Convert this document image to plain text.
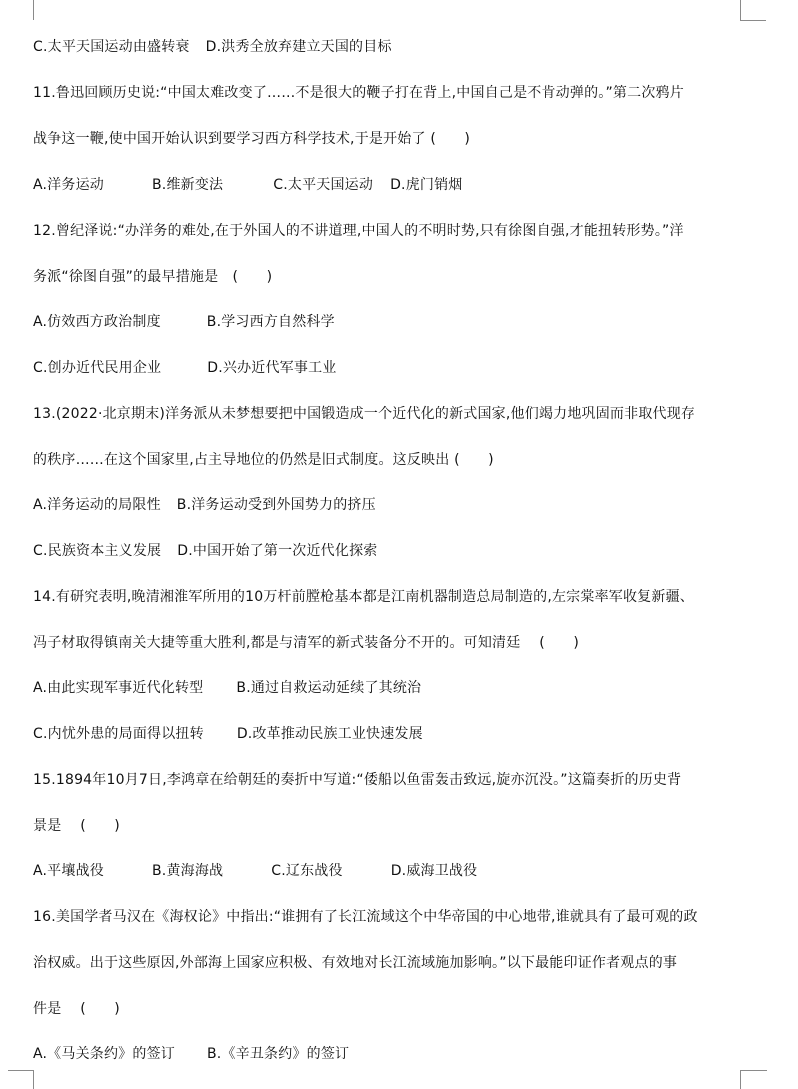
C.太平天国运动由盛转衰 D.洪秀全放弃建立天国的目标
11.鲁迅回顾历史说:“中国太难改变了……不是很大的鞭子打在背上,中国自己是不肯动弹的。”第二次鸦片
战争这一鞭,使中国开始认识到要学习西方科学技术,于是开始了 (　　)
A.洋务运动	B.维新变法	C.太平天国运动 D.虎门销烟
12.曾纪泽说:“办洋务的难处,在于外国人的不讲道理,中国人的不明时势,只有徐图自强,才能扭转形势。”洋
务派“徐图自强”的最早措施是　(　　)
A.仿效西方政治制度	B.学习西方自然科学
C.创办近代民用企业	D.兴办近代军事工业
13.(2022·北京期末)洋务派从未梦想要把中国锻造成一个近代化的新式国家,他们竭力地巩固而非取代现存
的秩序……在这个国家里,占主导地位的仍然是旧式制度。这反映出 (　　)
A.洋务运动的局限性 B.洋务运动受到外国势力的挤压
C.民族资本主义发展 D.中国开始了第一次近代化探索
14.有研究表明,晚清湘淮军所用的10万杆前膛枪基本都是江南机器制造总局制造的,左宗棠率军收复新疆、
冯子材取得镇南关大捷等重大胜利,都是与清军的新式装备分不开的。可知清廷　 (　　)
A.由此实现军事近代化转型 B.通过自救运动延续了其统治
C.内忧外患的局面得以扭转 D.改革推动民族工业快速发展
15.1894年10月7日,李鸿章在给朝廷的奏折中写道:“倭船以鱼雷轰击致远,旋亦沉没。”这篇奏折的历史背
景是　 (　　)
A.平壤战役	B.黄海海战	C.辽东战役	D.威海卫战役
16.美国学者马汉在《海权论》中指出:“谁拥有了长江流域这个中华帝国的中心地带,谁就具有了最可观的政
治权威。出于这些原因,外部海上国家应积极、有效地对长江流域施加影响。”以下最能印证作者观点的事
件是　 (　　)
A.《马关条约》的签订 B.《辛丑条约》的签订
